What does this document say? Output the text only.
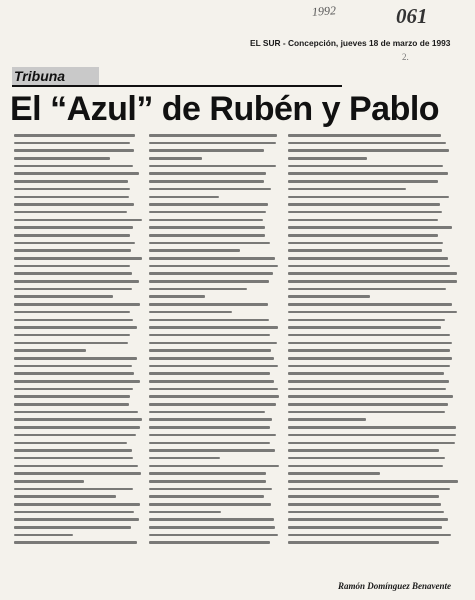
1992	061
EL SUR - Concepción, jueves 18 de marzo de 1993
2.
Tribuna
El “Azul” de Rubén y Pablo
Ramón Domínguez Benavente
